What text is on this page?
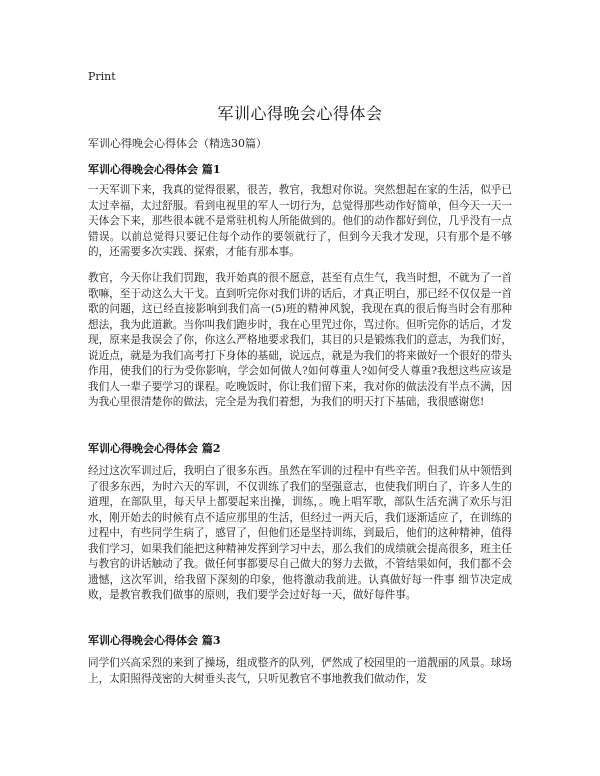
Print
军训心得晚会心得体会
军训心得晚会心得体会（精选30篇）
军训心得晚会心得体会 篇1

一天军训下来，我真的觉得很累，很苦，教官，我想对你说。突然想起在家的生活，似乎已太过幸福，太过舒服。看到电视里的军人一切行为，总觉得那些动作好简单，但今天一天一天体会下来，那些很本就不是常驻机构人所能做到的。他们的动作都好到位，几乎没有一点错误。以前总觉得只要记住每个动作的要领就行了，但到今天我才发现，只有那个是不够的，还需要多次实践、探索，才能有那本事。

教官，今天你让我们罚跑，我开始真的很不愿意，甚至有点生气，我当时想，不就为了一首歌嘛，至于动这么大干戈。直到听完你对我们讲的话后，才真正明白，那已经不仅仅是一首歌的问题，这已经直接影响到我们高一(5)班的精神风貌，我现在真的很后悔当时会有那种想法，我为此道歉。当你叫我们跑步时，我在心里咒过你，骂过你。但听完你的话后，才发现，原来是我误会了你，你这么严格地要求我们，其目的只是锻炼我们的意志，为我们好，说近点，就是为我们高考打下身体的基础，说远点，就是为我们的将来做好一个很好的带头作用，使我们的行为受你影响，学会如何做人?如何尊重人?如何受人尊重?我想这些应该是我们人一辈子要学习的课程。吃晚饭时，你让我们留下来，我对你的做法没有半点不满，因为我心里很清楚你的做法，完全是为我们着想，为我们的明天打下基础，我很感谢您!

军训心得晚会心得体会 篇2

经过这次军训过后，我明白了很多东西。虽然在军训的过程中有些辛苦。但我们从中领悟到了很多东西，为时六天的军训，不仅训练了我们的坚强意志，也使我们明白了，许多人生的道理，在部队里，每天早上都要起来出操，训练，。晚上唱军歌，部队生活充满了欢乐与泪水，刚开始去的时候有点不适应那里的生活，但经过一两天后，我们逐渐适应了，在训练的过程中，有些同学生病了，感冒了，但他们还是坚持训练，到最后，他们的这种精神，值得我们学习，如果我们能把这种精神发挥到学习中去，那么我们的成绩就会提高很多，班主任与教官的讲话触动了我。做任何事都要尽自己做大的努力去做，不管结果如何，我们都不会遗憾，这次军训，给我留下深刻的印象，他将激动我前进。认真做好每一件事 细节决定成败，是教官教我们做事的原则，我们要学会过好每一天，做好每件事。

军训心得晚会心得体会 篇3

同学们兴高采烈的来到了操场，组成整齐的队列，俨然成了校园里的一道靓丽的风景。球场上，太阳照得茂密的大树垂头丧气，只听见教官不事地教我们做动作，发
